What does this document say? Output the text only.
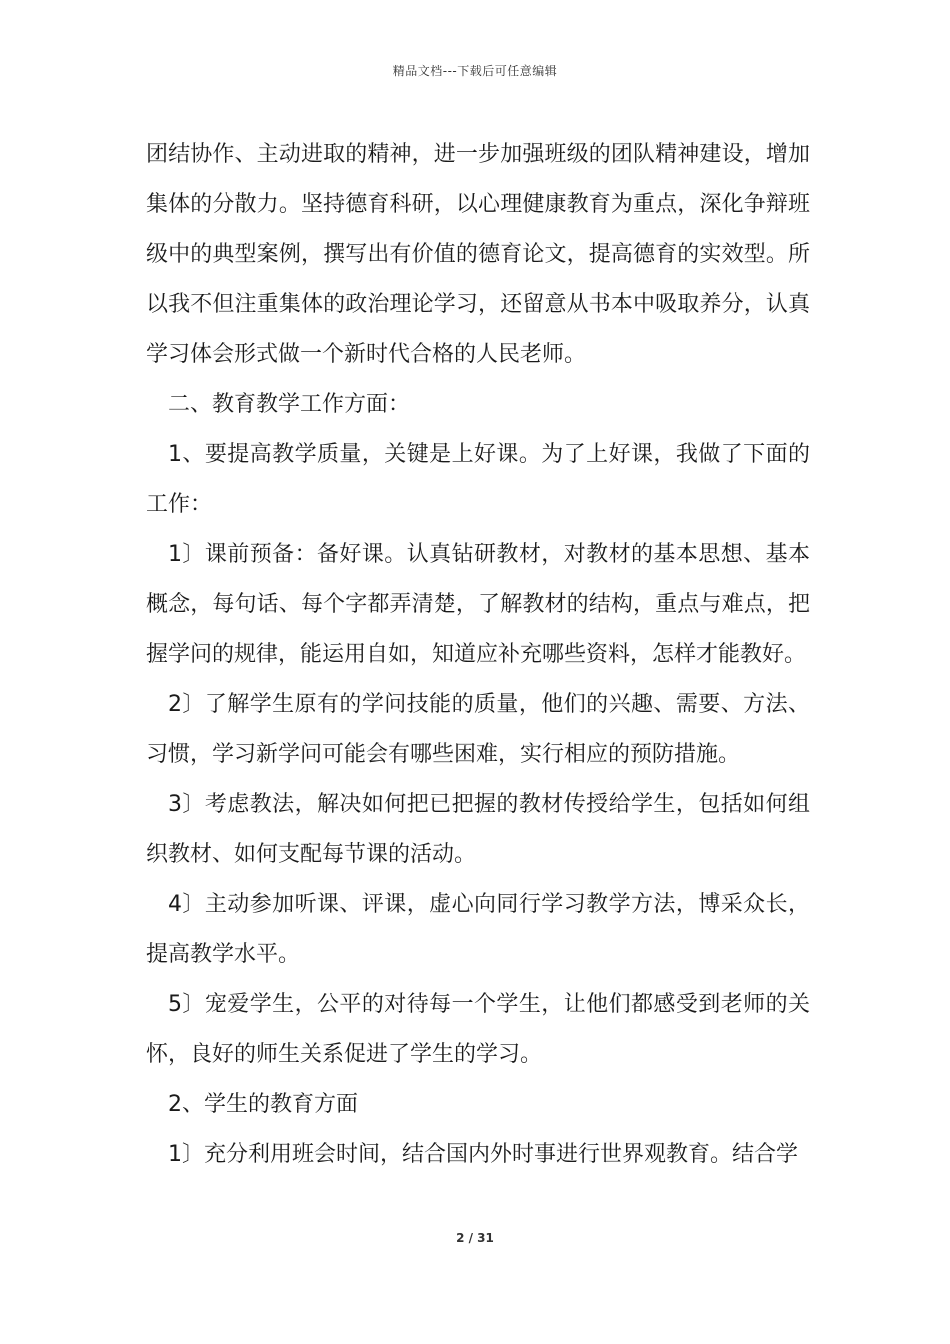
精品文档---下载后可任意编辑

团结协作、主动进取的精神，进一步加强班级的团队精神建设，增加集体的分散力。坚持德育科研，以心理健康教育为重点，深化争辩班级中的典型案例，撰写出有价值的德育论文，提高德育的实效型。所以我不但注重集体的政治理论学习，还留意从书本中吸取养分，认真学习体会形式做一个新时代合格的人民老师。

二、教育教学工作方面：

1、要提高教学质量，关键是上好课。为了上好课，我做了下面的工作：

1〕课前预备：备好课。认真钻研教材，对教材的基本思想、基本概念，每句话、每个字都弄清楚，了解教材的结构，重点与难点，把握学问的规律，能运用自如，知道应补充哪些资料，怎样才能教好。

2〕了解学生原有的学问技能的质量，他们的兴趣、需要、方法、习惯，学习新学问可能会有哪些困难，实行相应的预防措施。

3〕考虑教法，解决如何把已把握的教材传授给学生，包括如何组织教材、如何支配每节课的活动。

4〕主动参加听课、评课，虚心向同行学习教学方法，博采众长，提高教学水平。

5〕宠爱学生，公平的对待每一个学生，让他们都感受到老师的关怀，良好的师生关系促进了学生的学习。

2、学生的教育方面

1〕充分利用班会时间，结合国内外时事进行世界观教育。结合学

2 / 31
